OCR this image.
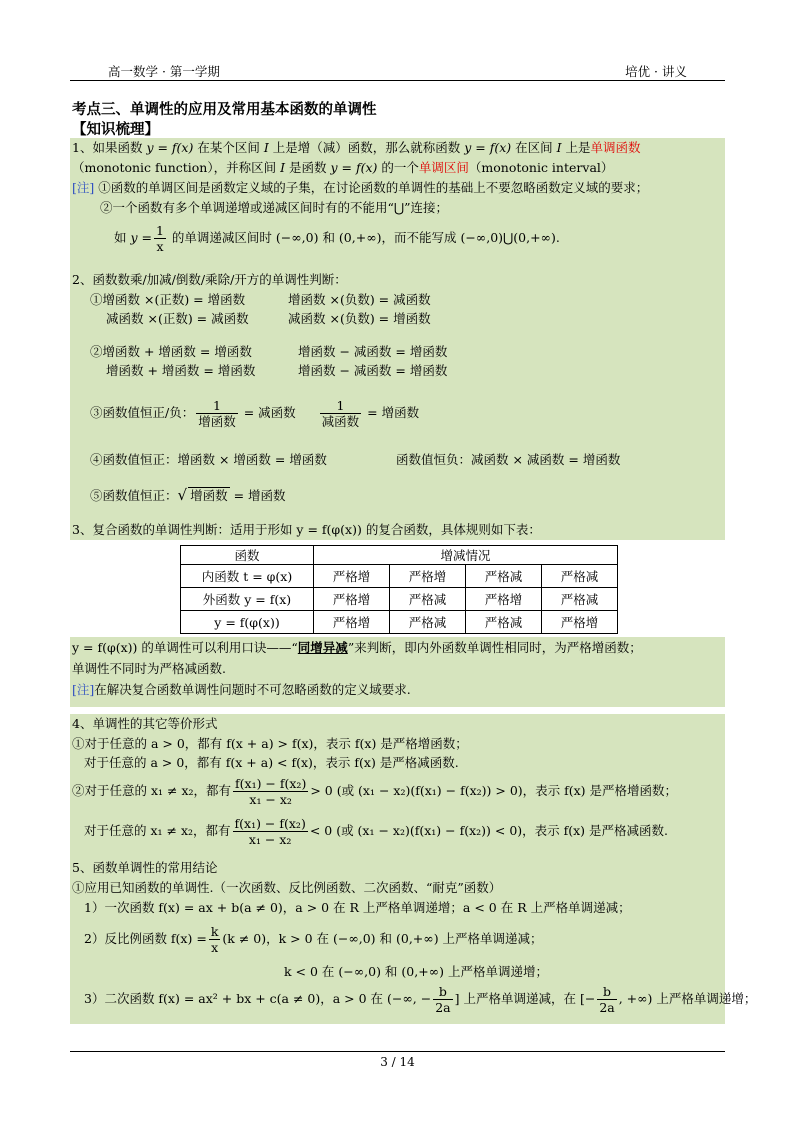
高一数学 · 第一学期	培优 · 讲义
考点三、单调性的应用及常用基本函数的单调性
【知识梳理】
1、如果函数 y = f(x) 在某个区间 I 上是增（减）函数，那么就称函数 y = f(x) 在区间 I 上是单调函数
（monotonic function），并称区间 I 是函数 y = f(x) 的一个单调区间（monotonic interval）
[注] ①函数的单调区间是函数定义域的子集，在讨论函数的单调性的基础上不要忽略函数定义域的要求；
②一个函数有多个单调递增或递减区间时有的不能用“⋃”连接；
如 $y = \frac{1}{x}$ 的单调递减区间时 (−∞,0) 和 (0,+∞)，而不能写成 (−∞,0)⋃(0,+∞).
2、函数数乘/加减/倒数/乘除/开方的单调性判断：
①增函数 ×(正数) = 增函数	增函数 ×(负数) = 减函数
减函数 ×(正数) = 减函数	减函数 ×(负数) = 增函数
②增函数 + 增函数 = 增函数	增函数 − 减函数 = 增函数
增函数 + 增函数 = 增函数	增函数 − 减函数 = 增函数
③函数值恒正/负： $\frac{1}{\text{增函数}}$ = 减函数 $\frac{1}{\text{减函数}}$ = 增函数
④函数值恒正：增函数 × 增函数 = 增函数	函数值恒负：减函数 × 减函数 = 增函数
⑤函数值恒正：√ 增函数 = 增函数
3、复合函数的单调性判断：适用于形如 y = f(φ(x)) 的复合函数，具体规则如下表：
函数	增减情况			
内函数 t = φ(x)	严格增	严格增	严格减	严格减
外函数 y = f(x)	严格增	严格减	严格增	严格减
y = f(φ(x))	严格增	严格减	严格减	严格增
y = f(φ(x)) 的单调性可以利用口诀——“同增异减”来判断，即内外函数单调性相同时，为严格增函数；
单调性不同时为严格减函数.
[注]在解决复合函数单调性问题时不可忽略函数的定义域要求.
4、单调性的其它等价形式
①对于任意的 a > 0，都有 f(x + a) > f(x)，表示 f(x) 是严格增函数；
对于任意的 a > 0，都有 f(x + a) < f(x)，表示 f(x) 是严格减函数.
②对于任意的 x₁ ≠ x₂，都有 $\frac{\text{f(x₁) − f(x₂)}}{\text{x₁ − x₂}} > 0$ (或 (x₁ − x₂)(f(x₁) − f(x₂)) > 0)，表示 f(x) 是严格增函数；
对于任意的 x₁ ≠ x₂，都有 $\frac{\text{f(x₁) − f(x₂)}}{\text{x₁ − x₂}} < 0$ (或 (x₁ − x₂)(f(x₁) − f(x₂)) < 0)，表示 f(x) 是严格减函数.
5、函数单调性的常用结论
①应用已知函数的单调性.（一次函数、反比例函数、二次函数、“耐克”函数）
1）一次函数 f(x) = ax + b(a ≠ 0)，a > 0 在 R 上严格单调递增；a < 0 在 R 上严格单调递减；
2）反比例函数 $f(x) = \frac{k}{x} (k \ne 0)$，k > 0 在 (−∞,0) 和 (0,+∞) 上严格单调递减；
k < 0 在 (−∞,0) 和 (0,+∞) 上严格单调递增；
3）二次函数 f(x) = ax² + bx + c(a ≠ 0)，a > 0 在 (−∞, − $\frac{b}{2a}$ ] 上严格单调递减，在 [− $\frac{b}{2a}$ , +∞) 上严格单调递增；
3 / 14
